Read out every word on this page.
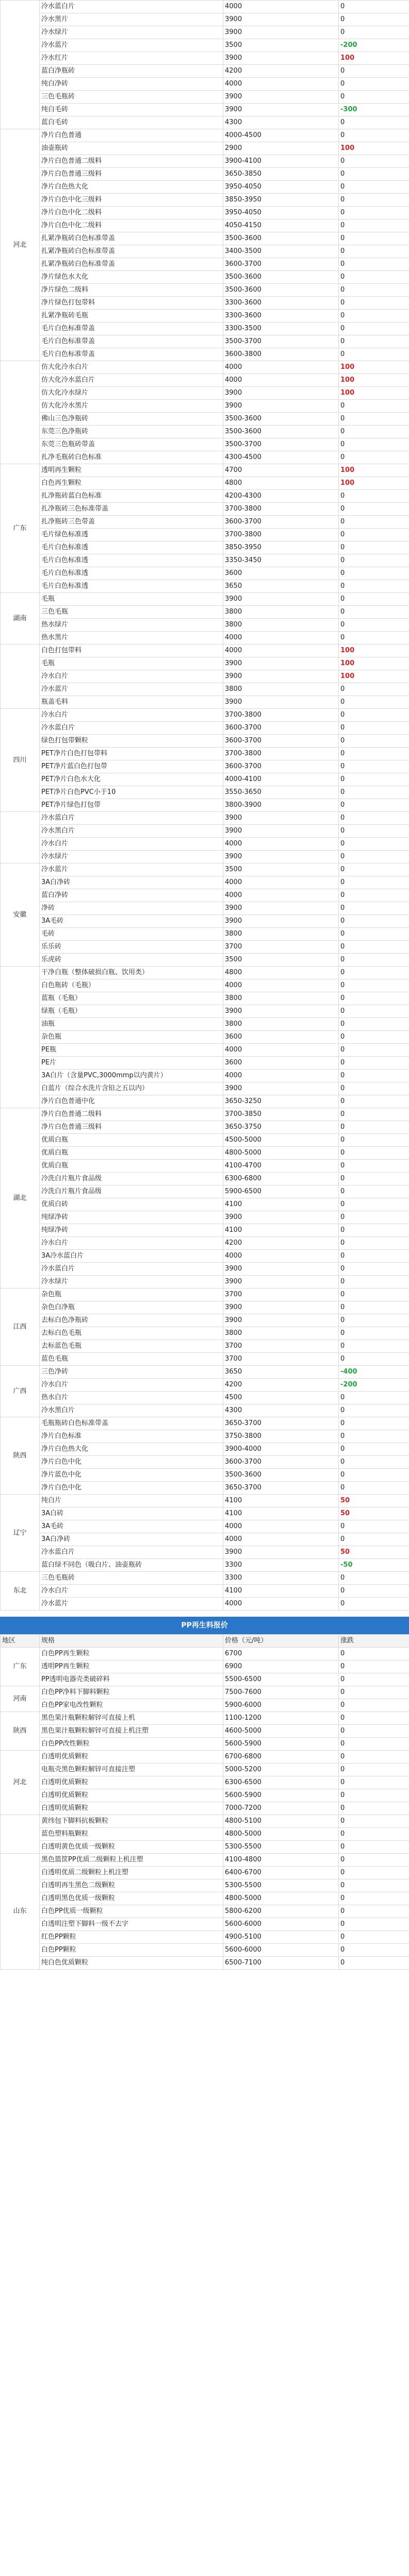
	冷水蓝白片	4000	0
	冷水黑片	3900	0
	冷水绿片	3900	0
	冷水蓝片	3500	-200
	冷水红片	3900	100
	蓝白净瓶砖	4200	0
	纯白净砖	4000	0
	三色毛瓶砖	3900	0
	纯白毛砖	3900	-300
	蓝白毛砖	4300	0
河北	净片白色普通	4000-4500	0
	油壶瓶砖	2900	100
	净片白色普通二级料	3900-4100	0
	净片白色普通三级料	3650-3850	0
	净片白色热大化	3950-4050	0
	净片白色中化三级料	3850-3950	0
	净片白色中化二级料	3950-4050	0
	净片白色中化二级料	4050-4150	0
	扎紧净瓶砖白色标准带盖	3500-3600	0
	扎紧净瓶砖白色标准带盖	3400-3500	0
	扎紧净瓶砖白色标准带盖	3600-3700	0
	净片绿色水大化	3500-3600	0
	净片绿色二级料	3500-3600	0
	净片绿色打包带料	3300-3600	0
	扎紧净瓶砖毛瓶	3300-3600	0
	毛片白色标准带盖	3300-3500	0
	毛片白色标准带盖	3500-3700	0
	毛片白色标准带盖	3600-3800	0
	仿大化冷水白片	4000	100
	仿大化冷水蓝白片	4000	100
	仿大化冷水绿片	3900	100
	仿大化冷水黑片	3900	0
	佛山三色净瓶砖	3500-3600	0
	东莞三色净瓶砖	3500-3600	0
	东莞三色瓶砖带盖	3500-3700	0
	扎净毛瓶砖白色标准	4300-4500	0
广东	透明再生颗粒	4700	100
	白色再生颗粒	4800	100
	扎净瓶砖蓝白色标准	4200-4300	0
	扎净瓶砖三色标准带盖	3700-3800	0
	扎净瓶砖三色带盖	3600-3700	0
	毛片绿色标准透	3700-3800	0
	毛片白色标准透	3850-3950	0
	毛片白色标准透	3350-3450	0
	毛片白色标准透	3600	0
	毛片白色标准透	3650	0
湖南	毛瓶	3900	0
	三色毛瓶	3800	0
	热水绿片	3800	0
	热水黑片	4000	0
	白色打包带料	4000	100
	毛瓶	3900	100
	冷水白片	3900	100
	冷水蓝片	3800	0
	瓶盖毛料	3900	0
四川	冷水白片	3700-3800	0
	冷水蓝白片	3600-3700	0
	绿色打包带颗粒	3600-3700	0
	PET净片白色打包带料	3700-3800	0
	PET净片蓝白色打包带	3600-3700	0
	PET净片白色水大化	4000-4100	0
	PET净片白色PVC小于10	3550-3650	0
	PET净片绿色打包带	3800-3900	0
	冷水蓝白片	3900	0
	冷水黑白片	3900	0
	冷水白片	4000	0
	冷水绿片	3900	0
安徽	冷水蓝片	3500	0
	3A白净砖	4000	0
	蓝白净砖	4000	0
	净砖	3900	0
	3A毛砖	3900	0
	毛砖	3800	0
	乐乐砖	3700	0
	乐虎砖	3500	0
	干净白瓶（整体破损白瓶、饮用类）	4800	0
	白色瓶砖（毛瓶）	4000	0
	蓝瓶（毛瓶）	3800	0
	绿瓶（毛瓶）	3900	0
	油瓶	3800	0
	杂色瓶	3600	0
	PE瓶	4000	0
	PE片	3600	0
	3A白片（含量PVC,3000mmp以内黄片）	4000	0
	白蓝片（综合水洗片含铅之五以内）	3900	0
	净片白色普通中化	3650-3250	0
湖北	净片白色普通二级料	3700-3850	0
	净片白色普通三级料	3650-3750	0
	优质白瓶	4500-5000	0
	优质白瓶	4800-5000	0
	优质白瓶	4100-4700	0
	冷洗白片瓶片食品级	6300-6800	0
	冷洗白片瓶片食品级	5900-6500	0
	优质白砖	4100	0
	纯绿净砖	3900	0
	纯绿净砖	4100	0
	冷水白片	4200	0
	3A冷水蓝白片	4000	0
	冷水蓝白片	3900	0
	冷水绿片	3900	0
江西	杂色瓶	3700	0
	杂色白净瓶	3900	0
	去标白色净瓶砖	3900	0
	去标白色毛瓶	3800	0
	去标蓝色毛瓶	3700	0
	蓝色毛瓶	3700	0
广西	三色净砖	3650	-400
	冷水白片	4200	-200
	热水白片	4500	0
	冷水黑白片	4300	0
陕西	毛瓶瓶砖白色标准带盖	3650-3700	0
	净片白色标准	3750-3800	0
	净片白色热大化	3900-4000	0
	净片白色中化	3600-3700	0
	净片蓝色中化	3500-3600	0
	净片白色中化	3650-3700	0
辽宁	纯白片	4100	50
	3A白砖	4100	50
	3A毛砖	4000	0
	3A白净砖	4000	0
	冷水蓝白片	3900	50
	蓝白绿不同色（吸白片、油壶瓶砖	3300	-50
东北	三色毛瓶砖	3300	0
	冷水白片	4100	0
	冷水蓝片	4000	0
PP再生料报价
地区	规格	价格（元/吨）	涨跌
广东	白色PP再生颗粒	6700	0
	透明PP再生颗粒	6900	0
	PP透明电器壳类破碎料	5500-6500	0
河南	白色PP净料下脚料颗粒	7500-7600	0
	白色PP家电改性颗粒	5900-6000	0
陕西	黑色果汁瓶颗粒解锌可直接上机	1100-1200	0
	黑色果汁瓶颗粒解锌可直接上机注塑	4600-5000	0
	白色PP改性颗粒	5600-5900	0
河北	白透明优质颗粒	6700-6800	0
	电瓶壳黑色颗粒解锌可直接注塑	5000-5200	0
	白透明优质颗粒	6300-6500	0
	白透明优质颗粒	5600-5900	0
	白透明优质颗粒	7000-7200	0
	黄纬包下脚料抗板颗粒	4800-5100	0
	蓝色塑料瓶颗粒	4800-5000	0
	白透明黄色优质一级颗粒	5300-5500	0
山东	黑色篮筐PP优质二级颗粒上机注塑	4100-4800	0
	白透明优质二级颗粒上机注塑	6400-6700	0
	白透明再生黑色二级颗粒	5300-5500	0
	白透明黑色优质一级颗粒	4800-5000	0
	白色PP优质一级颗粒	5800-6200	0
	白透明注塑下脚料一级不去字	5600-6000	0
	红色PP颗粒	4900-5100	0
	白色PP颗粒	5600-6000	0
	纯白色优质颗粒	6500-7100	0
